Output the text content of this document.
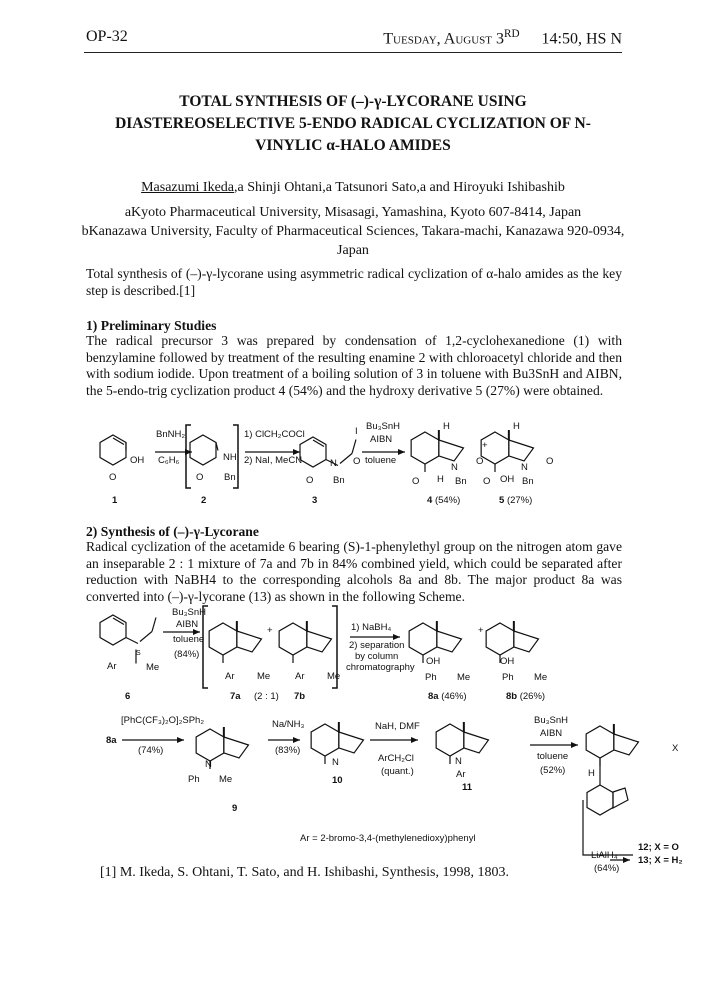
OP-32	Tuesday, August 3RD 14:50, HS N
TOTAL SYNTHESIS OF (–)-γ-LYCORANE USING
DIASTEREOSELECTIVE 5-ENDO RADICAL CYCLIZATION OF N-
VINYLIC α-HALO AMIDES
Masazumi Ikeda,a Shinji Ohtani,a Tatsunori Sato,a and Hiroyuki Ishibashib
aKyoto Pharmaceutical University, Misasagi, Yamashina, Kyoto 607-8414, Japan
bKanazawa University, Faculty of Pharmaceutical Sciences, Takara-machi, Kanazawa 920-0934,
Japan
Total synthesis of (–)-γ-lycorane using asymmetric radical cyclization of α-halo amides as the key step is described.[1]
1) Preliminary Studies
The radical precursor 3 was prepared by condensation of 1,2-cyclohexanedione (1) with benzylamine followed by treatment of the resulting enamine 2 with chloroacetyl chloride and then with sodium iodide. Upon treatment of a boiling solution of 3 in toluene with Bu3SnH and AIBN, the 5-endo-trig cyclization product 4 (54%) and the hydroxy derivative 5 (27%) were obtained.
2) Synthesis of (–)-γ-Lycorane
Radical cyclization of the acetamide 6 bearing (S)-1-phenylethyl group on the nitrogen atom gave an inseparable 2 : 1 mixture of 7a and 7b in 84% combined yield, which could be separated after reduction with NaBH4 to the corresponding alcohols 8a and 8b. The major product 8a was converted into (–)-γ-lycorane (13) as shown in the following Scheme.
[1] M. Ikeda, S. Ohtani, T. Sato, and H. Ishibashi, Synthesis, 1998, 1803.
BnNH₂
C₆H₆
OH
O
NH
Bn
O
1) ClCH₂COCl
2) NaI, MeCN
O
N
Bn
O
I Bu₃SnH
AIBN
toluene
H
O H
N
Bn
O
+
H
O OH
N
Bn
O
1	2	3	4 (54%)	5 (27%)
Bu₃SnH
AIBN
toluene
(84%)
Ar	Me
S
Ar Me
+
Ar Me
1) NaBH₄
2) separation
by column
chromatography
OH
Ph Me
+
OH
Ph Me
6	7a (2 : 1) 7b	8a (46%)	8b (26%)
8a
[PhC(CF₃)₂O]₂SPh₂
(74%)
Na/NH₃
(83%)
NaH, DMF
ArCH₂Cl
(quant.)
Bu₃SnH
AIBN
toluene
(52%)
Ph Me
N	N	N
Ar
X
H
9
10
11
Ar = 2-bromo-3,4-(methylenedioxy)phenyl
12; X = O
13; X = H₂
LiAlH₄
(64%)
